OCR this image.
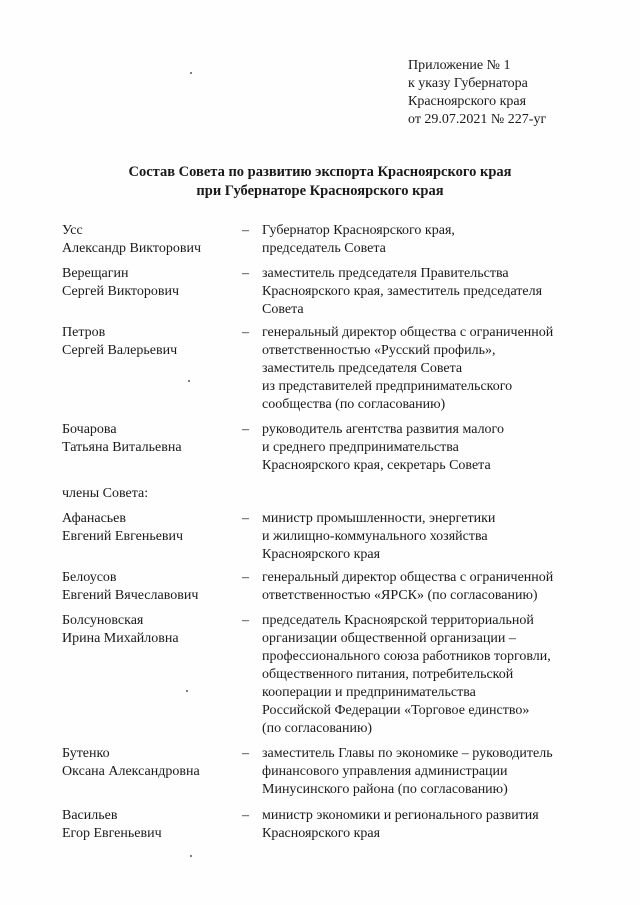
Приложение № 1
к указу Губернатора
Красноярского края
от 29.07.2021 № 227-уг
Состав Совета по развитию экспорта Красноярского края
при Губернаторе Красноярского края
Усс
Александр Викторович
– Губернатор Красноярского края,
председатель Совета
Верещагин
Сергей Викторович
– заместитель председателя Правительства
Красноярского края, заместитель председателя
Совета
Петров
Сергей Валерьевич
– генеральный директор общества с ограниченной
ответственностью «Русский профиль»,
заместитель председателя Совета
из представителей предпринимательского
сообщества (по согласованию)
Бочарова
Татьяна Витальевна
– руководитель агентства развития малого
и среднего предпринимательства
Красноярского края, секретарь Совета
члены Совета:
Афанасьев
Евгений Евгеньевич
– министр промышленности, энергетики
и жилищно-коммунального хозяйства
Красноярского края
Белоусов
Евгений Вячеславович
– генеральный директор общества с ограниченной
ответственностью «ЯРСК» (по согласованию)
Болсуновская
Ирина Михайловна
– председатель Красноярской территориальной
организации общественной организации –
профессионального союза работников торговли,
общественного питания, потребительской
кооперации и предпринимательства
Российской Федерации «Торговое единство»
(по согласованию)
Бутенко
Оксана Александровна
– заместитель Главы по экономике – руководитель
финансового управления администрации
Минусинского района (по согласованию)
Васильев
Егор Евгеньевич
– министр экономики и регионального развития
Красноярского края
